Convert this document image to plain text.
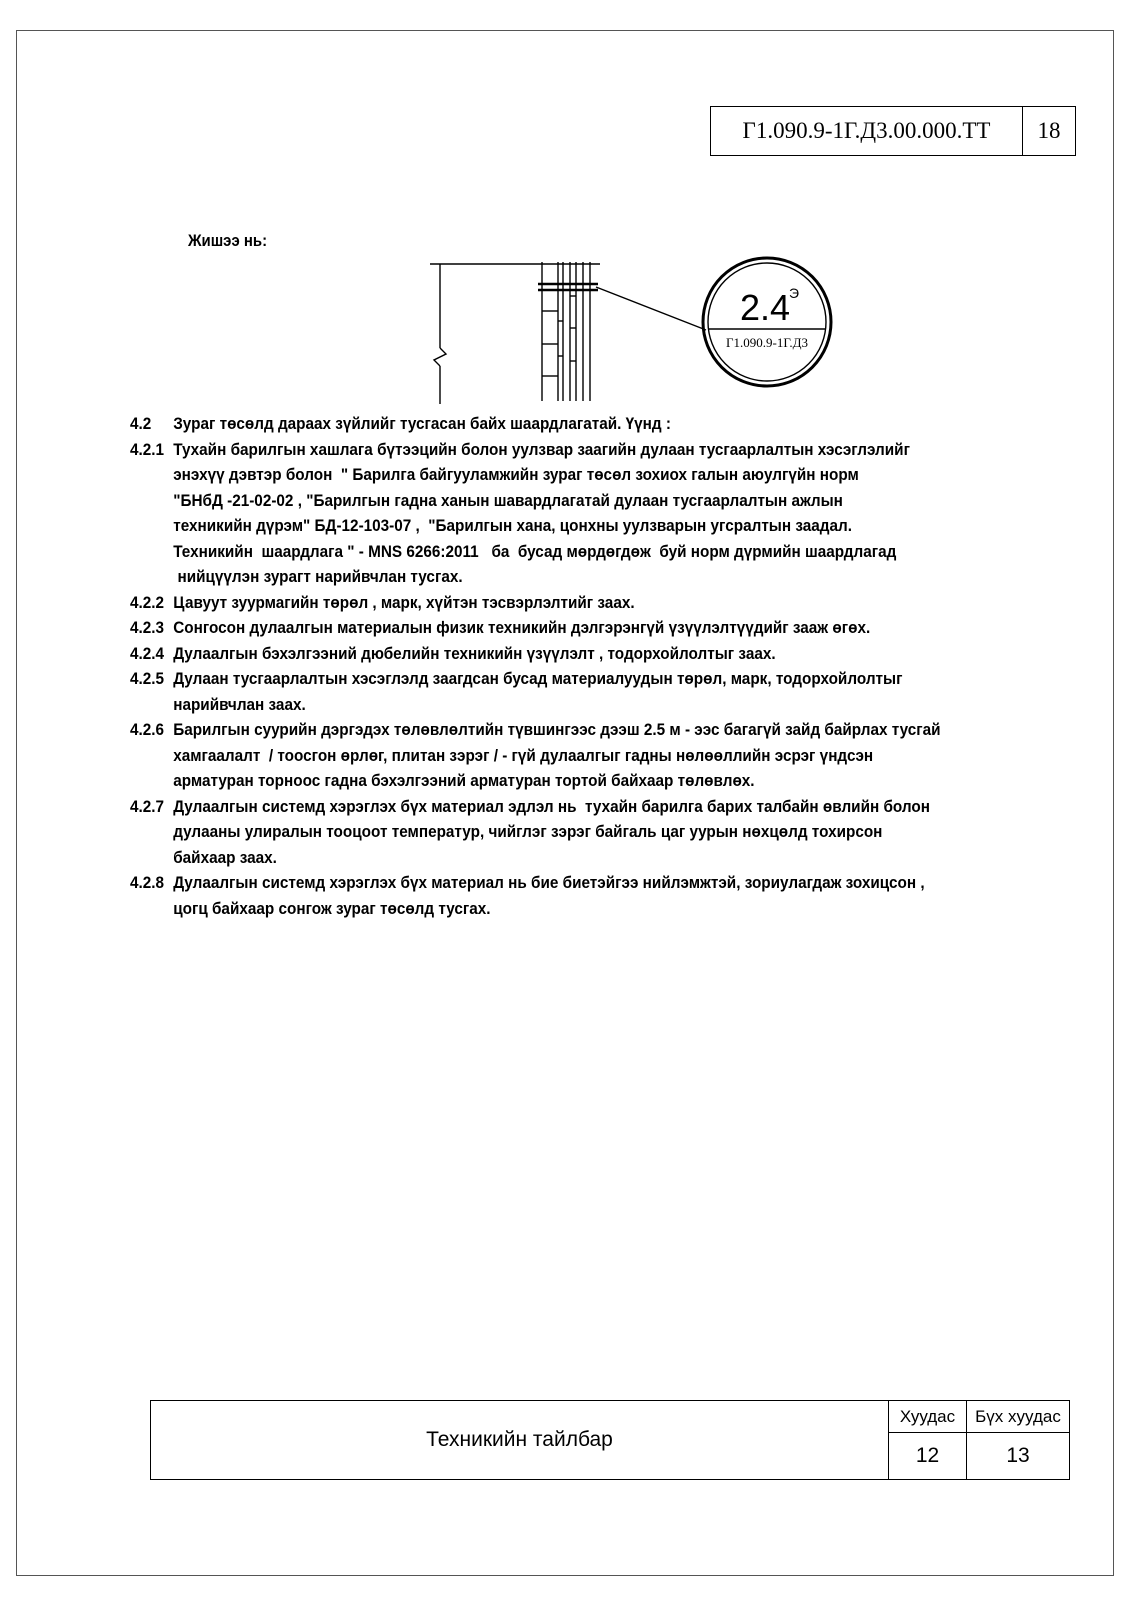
Г1.090.9-1Г.Д3.00.000.ТТ	18
Жишээ нь:
2.4
Э
Г1.090.9-1Г.Д3
4.2 Зураг төсөлд дараах зүйлийг тусгасан байх шаардлагатай. Үүнд :
4.2.1 Тухайн барилгын хашлага бүтээцийн болон уулзвар заагийн дулаан тусгаарлалтын хэсэглэлийг
энэхүү дэвтэр болон  " Барилга байгууламжийн зураг төсөл зохиох галын аюулгүйн норм
"БНбД -21-02-02 , "Барилгын гадна ханын шавардлагатай дулаан тусгаарлалтын ажлын
техникийн дүрэм" БД-12-103-07 ,  "Барилгын хана, цонхны уулзварын угсралтын заадал.
Техникийн  шаардлага " - MNS 6266:2011   ба  бусад мөрдөгдөж  буй норм дүрмийн шаардлагад
нийцүүлэн зурагт нарийвчлан тусгах.
4.2.2 Цавуут зуурмагийн төрөл , марк, хүйтэн тэсвэрлэлтийг заах.
4.2.3 Сонгосон дулаалгын материалын физик техникийн дэлгэрэнгүй үзүүлэлтүүдийг зааж өгөх.
4.2.4 Дулаалгын бэхэлгээний дюбелийн техникийн үзүүлэлт , тодорхойлолтыг заах.
4.2.5 Дулаан тусгаарлалтын хэсэглэлд заагдсан бусад материалуудын төрөл, марк, тодорхойлолтыг
нарийвчлан заах.
4.2.6 Барилгын суурийн дэргэдэх төлөвлөлтийн түвшингээс дээш 2.5 м - ээс багагүй зайд байрлах тусгай
хамгаалалт  / тоосгон өрлөг, плитан зэрэг / - гүй дулаалгыг гадны нөлөөллийн эсрэг үндсэн
арматуран торноос гадна бэхэлгээний арматуран тортой байхаар төлөвлөх.
4.2.7 Дулаалгын системд хэрэглэх бүх материал эдлэл нь  тухайн барилга барих талбайн өвлийн болон
дулааны улиралын тооцоот температур, чийглэг зэрэг байгаль цаг уурын нөхцөлд тохирсон
байхаар заах.
4.2.8 Дулаалгын системд хэрэглэх бүх материал нь бие биетэйгээ нийлэмжтэй, зориулагдаж зохицсон ,
цогц байхаар сонгож зураг төсөлд тусгах.
Техникийн тайлбар
Хуудас	Бүх хуудас
12	13
